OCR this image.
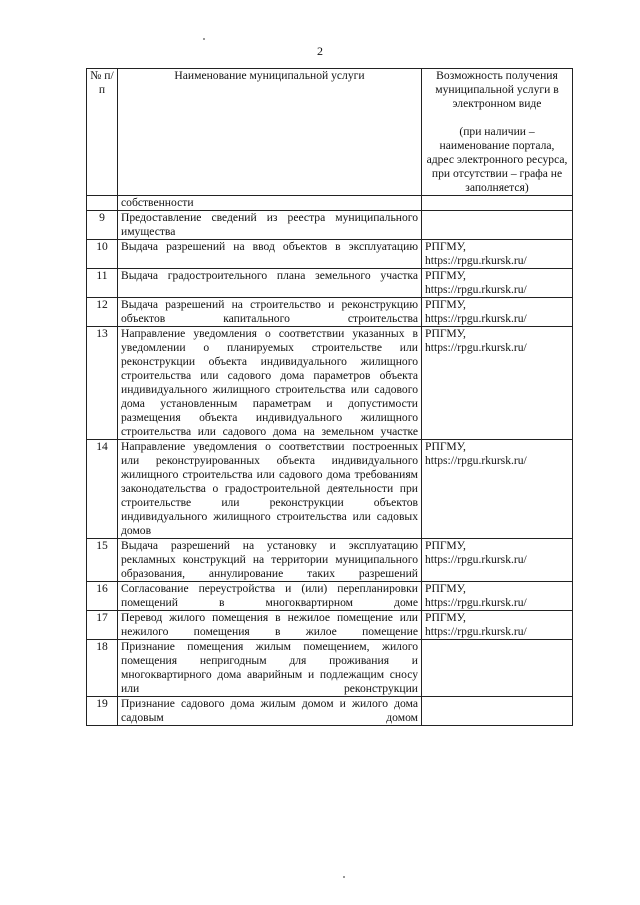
2
№ п/п	Наименование муниципальной услуги	Возможность получения муниципальной услуги в электронном виде
(при наличии – наименование портала, адрес электронного ресурса, при отсутствии – графа не заполняется)

	собственности	
9	Предоставление сведений из реестра муниципального имущества	

10	Выдача разрешений на ввод объектов в эксплуатацию	РПГМУ,
https://rpgu.rkursk.ru/

11	Выдача градостроительного плана земельного участка	РПГМУ,
https://rpgu.rkursk.ru/

12	Выдача разрешений на строительство и реконструкцию объектов капитального строительства	РПГМУ,
https://rpgu.rkursk.ru/

13	Направление уведомления о соответствии указанных в уведомлении о планируемых строительстве или реконструкции объекта индивидуального жилищного строительства или садового дома параметров объекта индивидуального жилищного строительства или садового дома установленным параметрам и допустимости размещения объекта индивидуального жилищного строительства или садового дома на земельном участке	РПГМУ,
https://rpgu.rkursk.ru/

14	Направление уведомления о соответствии построенных или реконструированных объекта индивидуального жилищного строительства или садового дома требованиям законодательства о градостроительной деятельности при строительстве или реконструкции объектов индивидуального жилищного строительства или садовых домов	РПГМУ,
https://rpgu.rkursk.ru/

15	Выдача разрешений на установку и эксплуатацию рекламных конструкций на территории муниципального образования, аннулирование таких разрешений	РПГМУ,
https://rpgu.rkursk.ru/

16	Согласование переустройства и (или) перепланировки помещений в многоквартирном доме	РПГМУ,
https://rpgu.rkursk.ru/

17	Перевод жилого помещения в нежилое помещение или нежилого помещения в жилое помещение	РПГМУ,
https://rpgu.rkursk.ru/

18	Признание помещения жилым помещением, жилого помещения непригодным для проживания и многоквартирного дома аварийным и подлежащим сносу или реконструкции	

19	Признание садового дома жилым домом и жилого дома садовым домом	
